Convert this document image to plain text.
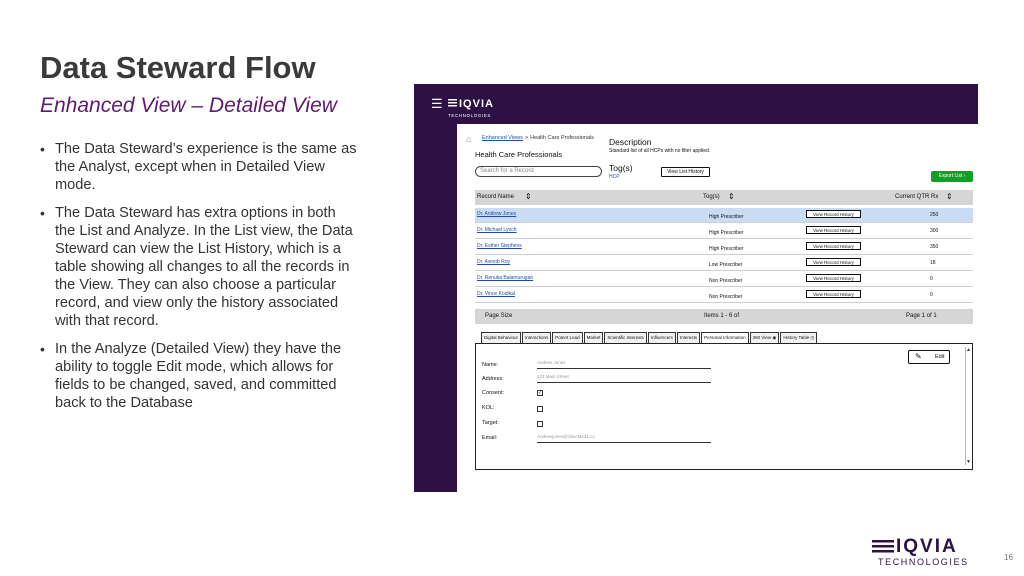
Data Steward Flow
Enhanced View – Detailed View
• The Data Steward’s experience is the same as the Analyst, except when in Detailed View mode.
• The Data Steward has extra options in both the List and Analyze. In the List view, the Data Steward can view the List History, which is a table showing all changes to all the records in the View. They can also choose a particular record, and view only the history associated with that record.
• In the Analyze (Detailed View) they have the ability to toggle Edit mode, which allows for fields to be changed, saved, and committed back to the Database
☰	IQVIA
TECHNOLOGIES
⌂ Enhanced Views > Health Care Professionals
Health Care Professionals
Description
Standard list of all HCPs with no filter applied.
Tog(s)
HCP
View List History
Export List ›
Search for a Record
Record Name ⇕	Tog(s) ⇕	Current QTR Rx ⇕
Dr. Andrew Jones	High Prescriber	View Record History	250
Dr. Michael Lynch	High Prescriber	View Record History	300
Dr. Esther Stephens	High Prescriber	View Record History	350
Dr. Avinob Roy	Low Prescriber	View Record History	18
Dr. Renuka Balamurugan	Non Prescriber	View Record History	0
Dr. Vince Kodikal	Non Prescriber	View Record History	0
Page Size	Items 1 - 6 of	Page 1 of 1
Digital Behaviour	Interactions	Potent Load	Market	Scientific Interests	Influencers	Interests	Personal Information	360 View ◉	History Table ◷
✎ Edit
Name:	Andrew Jones
Address:	123 Main Street
Consent:	✓
KOL:
Target:
Email:	Andrewjones@clinicMed1.co
▲
▼
IQVIA
TECHNOLOGIES	16
